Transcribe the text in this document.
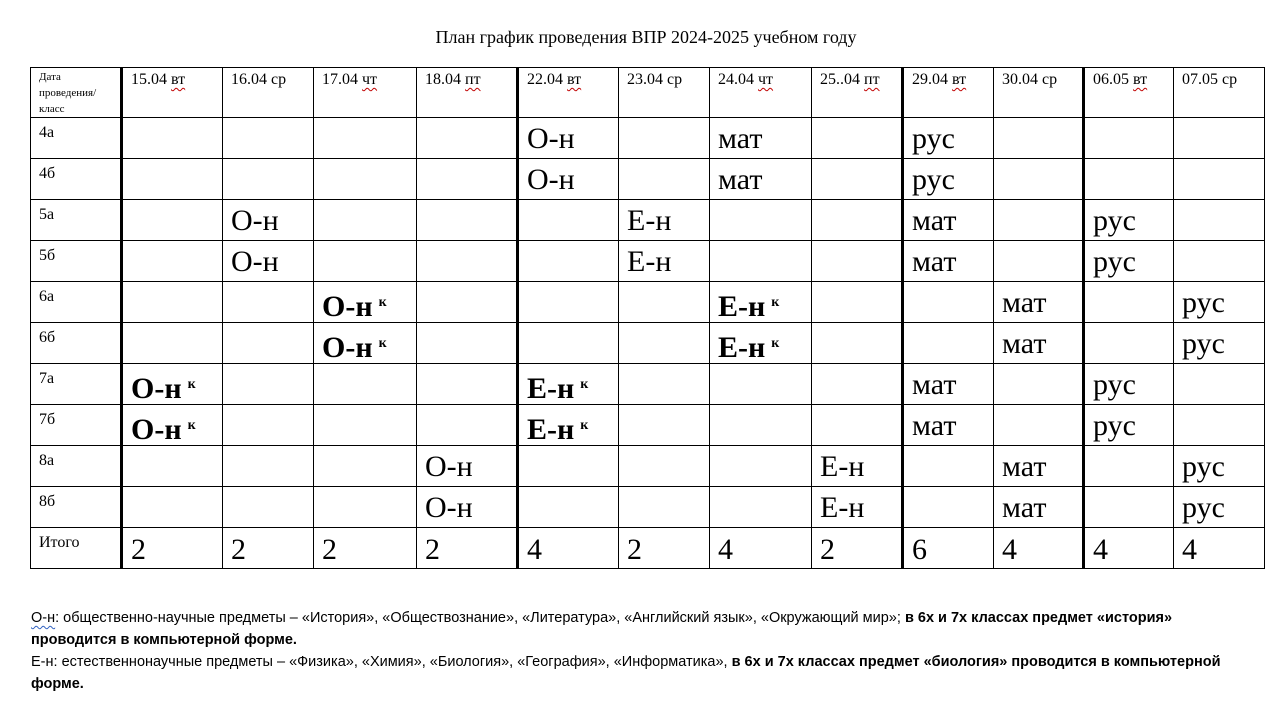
План график проведения ВПР 2024-2025 учебном году
Дата
проведения/
класс	15.04 вт	16.04 ср	17.04 чт	18.04 пт	22.04 вт	23.04 ср	24.04 чт	25..04 пт	29.04 вт	30.04 ср	06.05 вт	07.05 ср

4а					О-н		мат		рус			

4б					О-н		мат		рус			

5а		О-н				Е-н			мат		рус	

5б		О-н				Е-н			мат		рус	

6а			О-н $^к$				Е-н $^к$			мат		рус

6б			О-н $^к$				Е-н $^к$			мат		рус

7а	О-н $^к$				Е-н $^к$				мат		рус	

7б	О-н $^к$				Е-н $^к$				мат		рус	

8а				О-н				Е-н		мат		рус

8б				О-н				Е-н		мат		рус

Итого	2	2	2	2	4	2	4	2	6	4	4	4
О-н: общественно-научные предметы – «История», «Обществознание», «Литература», «Английский язык», «Окружающий мир»; в 6х и 7х классах предмет «история» проводится в компьютерной форме.
Е-н: естественнонаучные предметы – «Физика», «Химия», «Биология», «География», «Информатика», в 6х и 7х классах предмет «биология» проводится в компьютерной форме.
